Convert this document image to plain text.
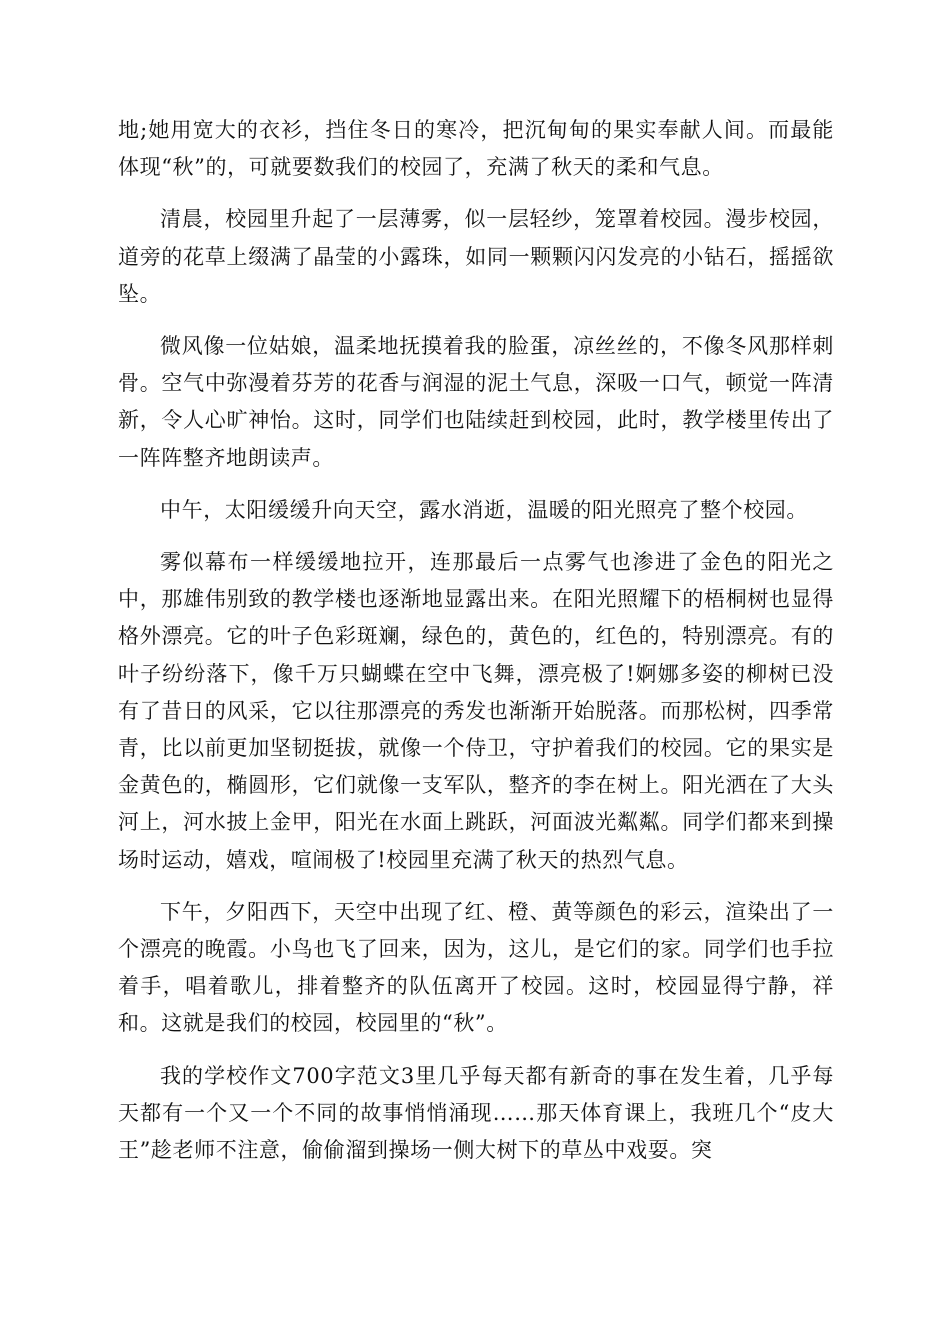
地;她用宽大的衣衫，挡住冬日的寒冷，把沉甸甸的果实奉献人间。而最能体现“秋”的，可就要数我们的校园了，充满了秋天的柔和气息。

清晨，校园里升起了一层薄雾，似一层轻纱，笼罩着校园。漫步校园，道旁的花草上缀满了晶莹的小露珠，如同一颗颗闪闪发亮的小钻石，摇摇欲坠。

微风像一位姑娘，温柔地抚摸着我的脸蛋，凉丝丝的，不像冬风那样刺骨。空气中弥漫着芬芳的花香与润湿的泥土气息，深吸一口气，顿觉一阵清新，令人心旷神怡。这时，同学们也陆续赶到校园，此时，教学楼里传出了一阵阵整齐地朗读声。

中午，太阳缓缓升向天空，露水消逝，温暖的阳光照亮了整个校园。

雾似幕布一样缓缓地拉开，连那最后一点雾气也渗进了金色的阳光之中，那雄伟别致的教学楼也逐渐地显露出来。在阳光照耀下的梧桐树也显得格外漂亮。它的叶子色彩斑斓，绿色的，黄色的，红色的，特别漂亮。有的叶子纷纷落下，像千万只蝴蝶在空中飞舞，漂亮极了!婀娜多姿的柳树已没有了昔日的风采，它以往那漂亮的秀发也渐渐开始脱落。而那松树，四季常青，比以前更加坚韧挺拔，就像一个侍卫，守护着我们的校园。它的果实是金黄色的，椭圆形，它们就像一支军队，整齐的李在树上。阳光洒在了大头河上，河水披上金甲，阳光在水面上跳跃，河面波光粼粼。同学们都来到操场时运动，嬉戏，喧闹极了!校园里充满了秋天的热烈气息。

下午，夕阳西下，天空中出现了红、橙、黄等颜色的彩云，渲染出了一个漂亮的晚霞。小鸟也飞了回来，因为，这儿，是它们的家。同学们也手拉着手，唱着歌儿，排着整齐的队伍离开了校园。这时，校园显得宁静，祥和。这就是我们的校园，校园里的“秋”。

我的学校作文700字范文3里几乎每天都有新奇的事在发生着，几乎每天都有一个又一个不同的故事悄悄涌现……那天体育课上，我班几个“皮大王”趁老师不注意，偷偷溜到操场一侧大树下的草丛中戏耍。突
